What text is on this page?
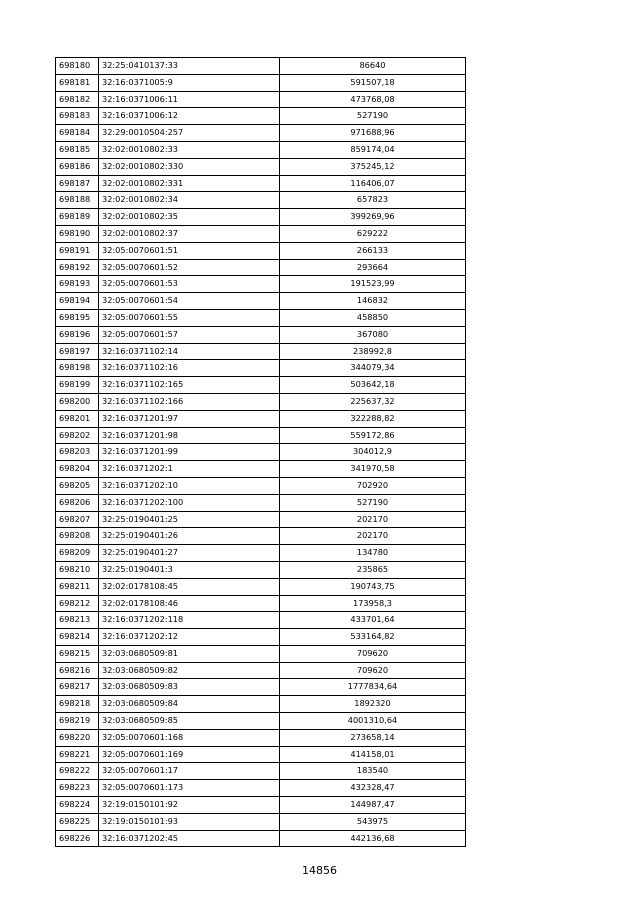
698180	32:25:0410137:33	86640
698181	32:16:0371005:9	591507,18
698182	32:16:0371006:11	473768,08
698183	32:16:0371006:12	527190
698184	32:29:0010504:257	971688,96
698185	32:02:0010802:33	859174,04
698186	32:02:0010802:330	375245,12
698187	32:02:0010802:331	116406,07
698188	32:02:0010802:34	657823
698189	32:02:0010802:35	399269,96
698190	32:02:0010802:37	629222
698191	32:05:0070601:51	266133
698192	32:05:0070601:52	293664
698193	32:05:0070601:53	191523,99
698194	32:05:0070601:54	146832
698195	32:05:0070601:55	458850
698196	32:05:0070601:57	367080
698197	32:16:0371102:14	238992,8
698198	32:16:0371102:16	344079,34
698199	32:16:0371102:165	503642,18
698200	32:16:0371102:166	225637,32
698201	32:16:0371201:97	322288,82
698202	32:16:0371201:98	559172,86
698203	32:16:0371201:99	304012,9
698204	32:16:0371202:1	341970,58
698205	32:16:0371202:10	702920
698206	32:16:0371202:100	527190
698207	32:25:0190401:25	202170
698208	32:25:0190401:26	202170
698209	32:25:0190401:27	134780
698210	32:25:0190401:3	235865
698211	32:02:0178108:45	190743,75
698212	32:02:0178108:46	173958,3
698213	32:16:0371202:118	433701,64
698214	32:16:0371202:12	533164,82
698215	32:03:0680509:81	709620
698216	32:03:0680509:82	709620
698217	32:03:0680509:83	1777834,64
698218	32:03:0680509:84	1892320
698219	32:03:0680509:85	4001310,64
698220	32:05:0070601:168	273658,14
698221	32:05:0070601:169	414158,01
698222	32:05:0070601:17	183540
698223	32:05:0070601:173	432328,47
698224	32:19:0150101:92	144987,47
698225	32:19:0150101:93	543975
698226	32:16:0371202:45	442136,68
14856
